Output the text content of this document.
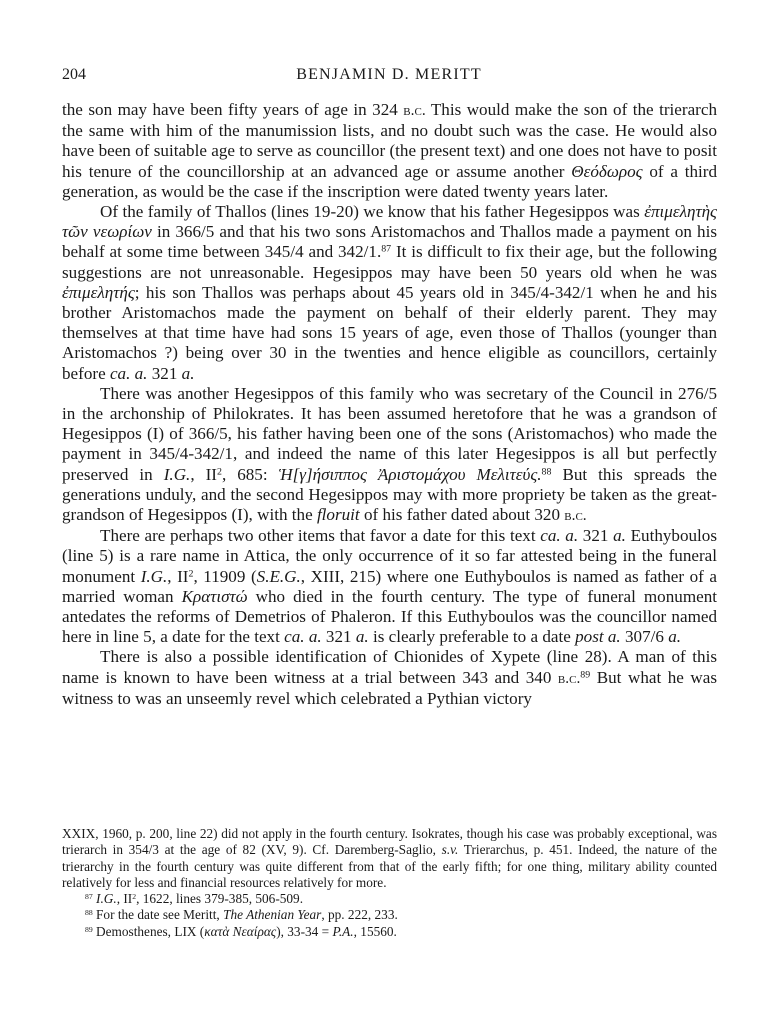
204	BENJAMIN D. MERITT

the son may have been fifty years of age in 324 b.c. This would make the son of the trierarch the same with him of the manumission lists, and no doubt such was the case. He would also have been of suitable age to serve as councillor (the present text) and one does not have to posit his tenure of the councillorship at an advanced age or assume another Θεόδωρος of a third generation, as would be the case if the inscription were dated twenty years later.

Of the family of Thallos (lines 19-20) we know that his father Hegesippos was ἐπιμελητὴς τῶν νεωρίων in 366/5 and that his two sons Aristomachos and Thallos made a payment on his behalf at some time between 345/4 and 342/1.87 It is difficult to fix their age, but the following suggestions are not unreasonable. Hegesippos may have been 50 years old when he was ἐπιμελητής; his son Thallos was perhaps about 45 years old in 345/4-342/1 when he and his brother Aristomachos made the payment on behalf of their elderly parent. They may themselves at that time have had sons 15 years of age, even those of Thallos (younger than Aristomachos ?) being over 30 in the twenties and hence eligible as councillors, certainly before ca. a. 321 a.

There was another Hegesippos of this family who was secretary of the Council in 276/5 in the archonship of Philokrates. It has been assumed heretofore that he was a grandson of Hegesippos (I) of 366/5, his father having been one of the sons (Aristomachos) who made the payment in 345/4-342/1, and indeed the name of this later Hegesippos is all but perfectly preserved in I.G., $II^2$, 685: Ἡ[γ]ήσιππος Ἀριστομάχου Μελιτεύς.$^{88}$ But this spreads the generations unduly, and the second Hegesippos may with more propriety be taken as the great-grandson of Hegesippos (I), with the floruit of his father dated about 320 b.c.

There are perhaps two other items that favor a date for this text ca. a. 321 a. Euthyboulos (line 5) is a rare name in Attica, the only occurrence of it so far attested being in the funeral monument I.G., $II^2$, 11909 (S.E.G., XIII, 215) where one Euthyboulos is named as father of a married woman Κρατιστώ who died in the fourth century. The type of funeral monument antedates the reforms of Demetrios of Phaleron. If this Euthyboulos was the councillor named here in line 5, a date for the text ca. a. 321 a. is clearly preferable to a date post a. 307/6 a.

There is also a possible identification of Chionides of Xypete (line 28). A man of this name is known to have been witness at a trial between 343 and 340 b.c.$^{89}$ But what he was witness to was an unseemly revel which celebrated a Pythian victory

XXIX, 1960, p. 200, line 22) did not apply in the fourth century. Isokrates, though his case was probably exceptional, was trierarch in 354/3 at the age of 82 (XV, 9). Cf. Daremberg-Saglio, s.v. Trierarchus, p. 451. Indeed, the nature of the trierarchy in the fourth century was quite different from that of the early fifth; for one thing, military ability counted relatively for less and financial resources relatively for more.

$^{87}$ I.G., $II^2$, 1622, lines 379-385, 506-509.

$^{88}$ For the date see Meritt, The Athenian Year, pp. 222, 233.

$^{89}$ Demosthenes, LIX (κατὰ Νεαίρας), 33-34 = P.A., 15560.
